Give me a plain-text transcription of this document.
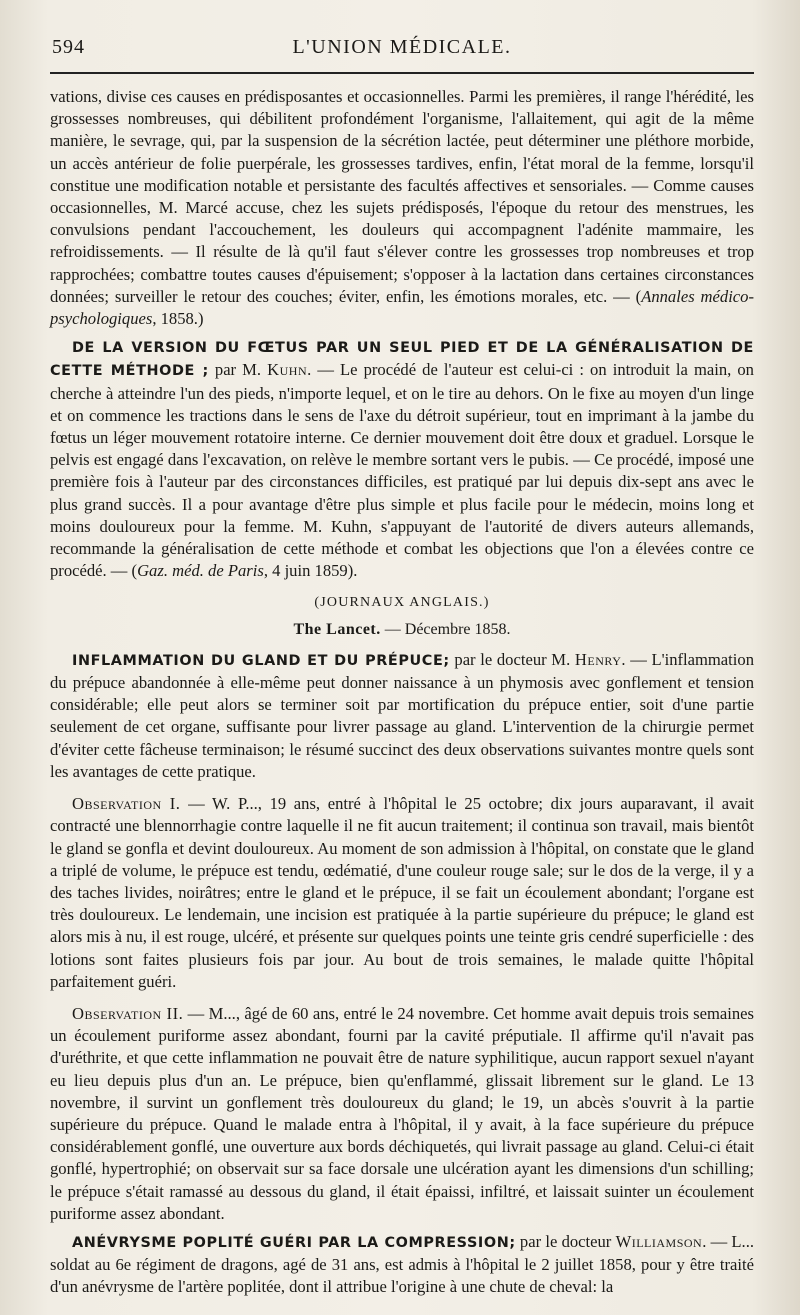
594	L'UNION MÉDICALE.

vations, divise ces causes en prédisposantes et occasionnelles. Parmi les premières, il range l'hérédité, les grossesses nombreuses, qui débilitent profondément l'organisme, l'allaitement, qui agit de la même manière, le sevrage, qui, par la suspension de la sécrétion lactée, peut déterminer une pléthore morbide, un accès antérieur de folie puerpérale, les grossesses tardives, enfin, l'état moral de la femme, lorsqu'il constitue une modification notable et persistante des facultés affectives et sensoriales. — Comme causes occasionnelles, M. Marcé accuse, chez les sujets prédisposés, l'époque du retour des menstrues, les convulsions pendant l'accouchement, les douleurs qui accompagnent l'adénite mammaire, les refroidissements. — Il résulte de là qu'il faut s'élever contre les grossesses trop nombreuses et trop rapprochées; combattre toutes causes d'épuisement; s'opposer à la lactation dans certaines circonstances données; surveiller le retour des couches; éviter, enfin, les émotions morales, etc. — (Annales médico-psychologiques, 1858.)

DE LA VERSION DU FŒTUS PAR UN SEUL PIED ET DE LA GÉNÉRALISATION DE CETTE MÉTHODE ; par M. Kuhn. — Le procédé de l'auteur est celui-ci : on introduit la main, on cherche à atteindre l'un des pieds, n'importe lequel, et on le tire au dehors. On le fixe au moyen d'un linge et on commence les tractions dans le sens de l'axe du détroit supérieur, tout en imprimant à la jambe du fœtus un léger mouvement rotatoire interne. Ce dernier mouvement doit être doux et graduel. Lorsque le pelvis est engagé dans l'excavation, on relève le membre sortant vers le pubis. — Ce procédé, imposé une première fois à l'auteur par des circonstances difficiles, est pratiqué par lui depuis dix-sept ans avec le plus grand succès. Il a pour avantage d'être plus simple et plus facile pour le médecin, moins long et moins douloureux pour la femme. M. Kuhn, s'appuyant de l'autorité de divers auteurs allemands, recommande la généralisation de cette méthode et combat les objections que l'on a élevées contre ce procédé. — (Gaz. méd. de Paris, 4 juin 1859).

(JOURNAUX ANGLAIS.)
The Lancet. — Décembre 1858.

INFLAMMATION DU GLAND ET DU PRÉPUCE; par le docteur M. Henry. — L'inflammation du prépuce abandonnée à elle-même peut donner naissance à un phymosis avec gonflement et tension considérable; elle peut alors se terminer soit par mortification du prépuce entier, soit d'une partie seulement de cet organe, suffisante pour livrer passage au gland. L'intervention de la chirurgie permet d'éviter cette fâcheuse terminaison; le résumé succinct des deux observations suivantes montre quels sont les avantages de cette pratique.

Observation I. — W. P..., 19 ans, entré à l'hôpital le 25 octobre; dix jours auparavant, il avait contracté une blennorrhagie contre laquelle il ne fit aucun traitement; il continua son travail, mais bientôt le gland se gonfla et devint douloureux. Au moment de son admission à l'hôpital, on constate que le gland a triplé de volume, le prépuce est tendu, œdématié, d'une couleur rouge sale; sur le dos de la verge, il y a des taches livides, noirâtres; entre le gland et le prépuce, il se fait un écoulement abondant; l'organe est très douloureux. Le lendemain, une incision est pratiquée à la partie supérieure du prépuce; le gland est alors mis à nu, il est rouge, ulcéré, et présente sur quelques points une teinte gris cendré superficielle : des lotions sont faites plusieurs fois par jour. Au bout de trois semaines, le malade quitte l'hôpital parfaitement guéri.

Observation II. — M..., âgé de 60 ans, entré le 24 novembre. Cet homme avait depuis trois semaines un écoulement puriforme assez abondant, fourni par la cavité préputiale. Il affirme qu'il n'avait pas d'uréthrite, et que cette inflammation ne pouvait être de nature syphilitique, aucun rapport sexuel n'ayant eu lieu depuis plus d'un an. Le prépuce, bien qu'enflammé, glissait librement sur le gland. Le 13 novembre, il survint un gonflement très douloureux du gland; le 19, un abcès s'ouvrit à la partie supérieure du prépuce. Quand le malade entra à l'hôpital, il y avait, à la face supérieure du prépuce considérablement gonflé, une ouverture aux bords déchiquetés, qui livrait passage au gland. Celui-ci était gonflé, hypertrophié; on observait sur sa face dorsale une ulcération ayant les dimensions d'un schilling; le prépuce s'était ramassé au dessous du gland, il était épaissi, infiltré, et laissait suinter un écoulement puriforme assez abondant.

ANÉVRYSME POPLITÉ GUÉRI PAR LA COMPRESSION; par le docteur Williamson. — L... soldat au 6e régiment de dragons, agé de 31 ans, est admis à l'hôpital le 2 juillet 1858, pour y être traité d'un anévrysme de l'artère poplitée, dont il attribue l'origine à une chute de cheval: la
